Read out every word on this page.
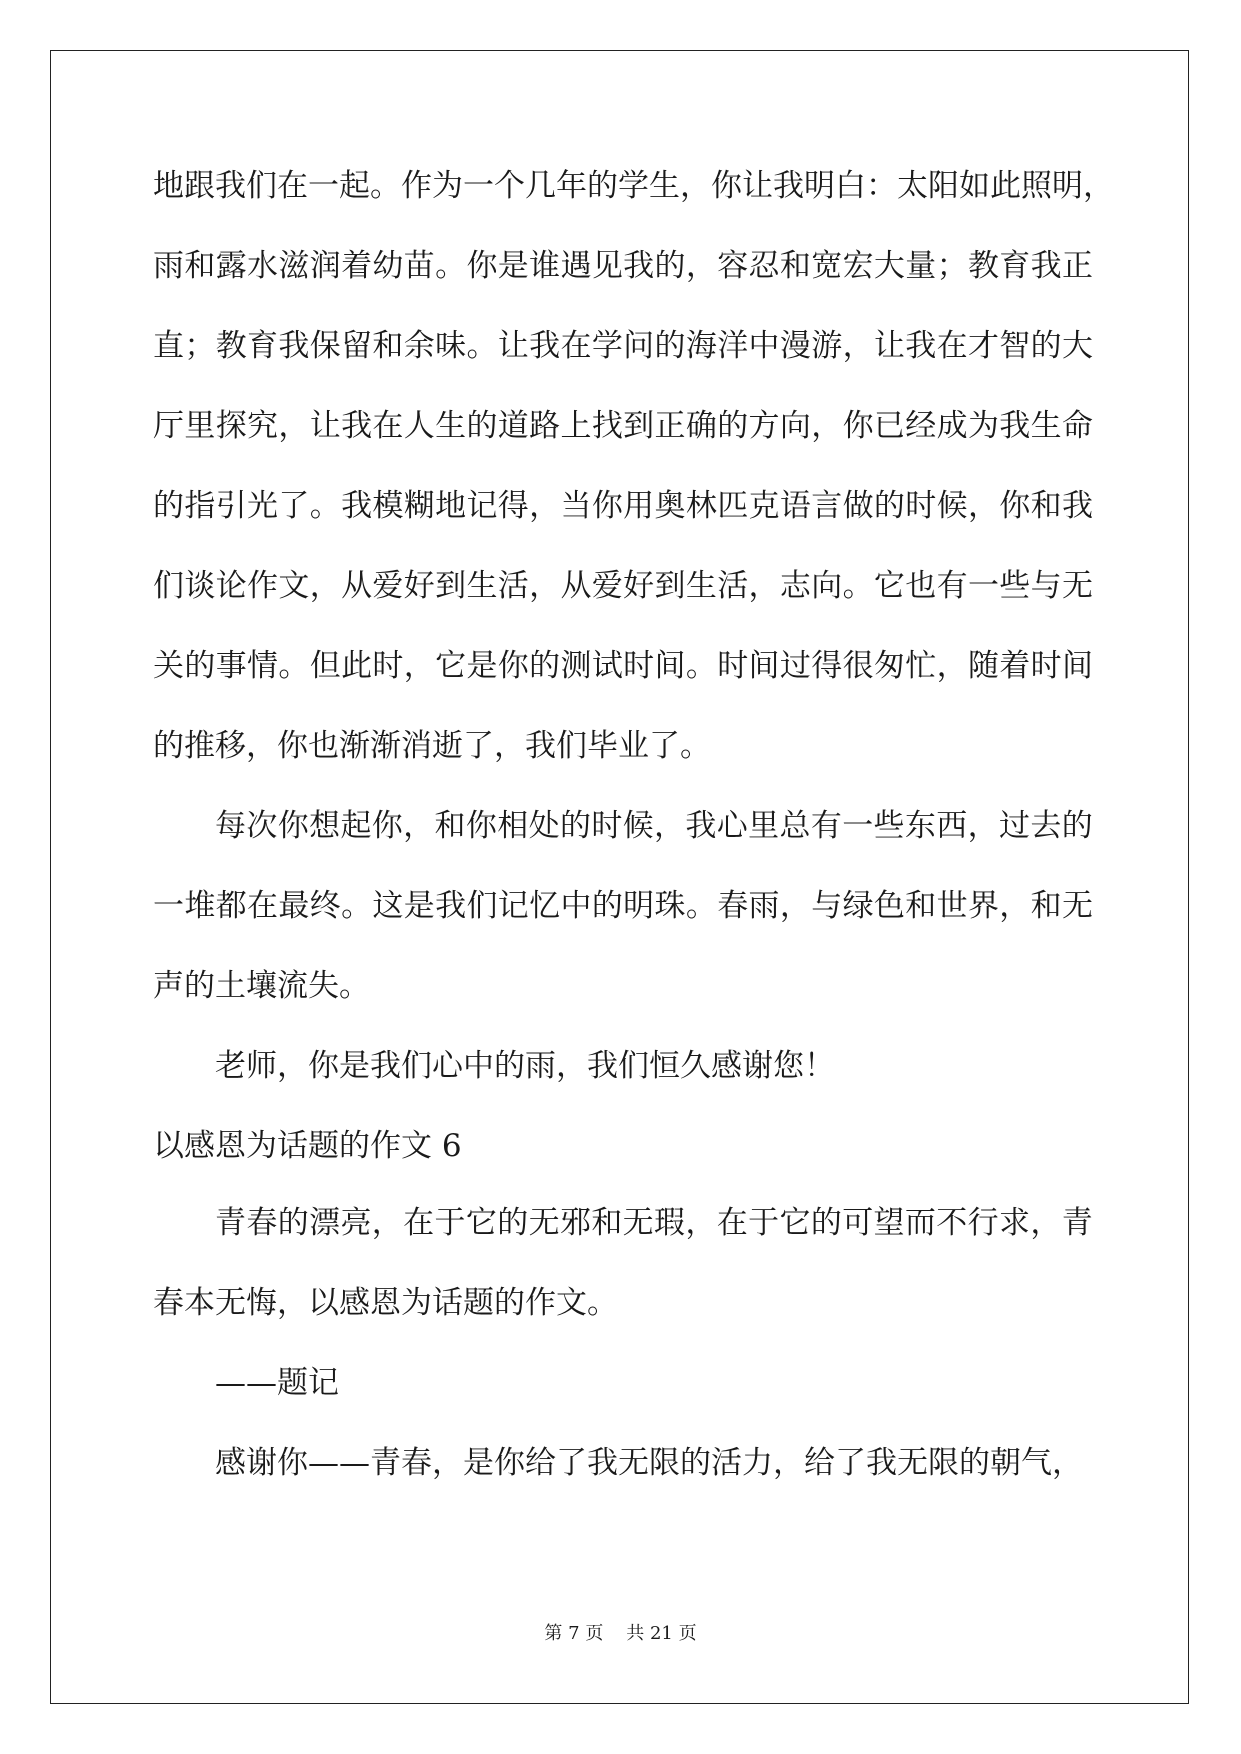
地 跟 我 们 在 一 起 。 作 为 一 个 几 年 的 学 生 ， 你 让 我 明 白 ： 太 阳 如 此 照 明 ，
雨 和 露 水 滋 润 着 幼 苗 。 你 是 谁 遇 见 我 的 ， 容 忍 和 宽 宏 大 量 ； 教 育 我 正
直 ； 教 育 我 保 留 和 余 味 。 让 我 在 学 问 的 海 洋 中 漫 游 ， 让 我 在 才 智 的 大
厅 里 探 究 ， 让 我 在 人 生 的 道 路 上 找 到 正 确 的 方 向 ， 你 已 经 成 为 我 生 命
的 指 引 光 了 。 我 模 糊 地 记 得 ， 当 你 用 奥 林 匹 克 语 言 做 的 时 候 ， 你 和 我
们 谈 论 作 文 ， 从 爱 好 到 生 活 ， 从 爱 好 到 生 活 ， 志 向 。 它 也 有 一 些 与 无
关 的 事 情 。 但 此 时 ， 它 是 你 的 测 试 时 间 。 时 间 过 得 很 匆 忙 ， 随 着 时 间
的推移，你也渐渐消逝了，我们毕业了。
每 次 你 想 起 你 ， 和 你 相 处 的 时 候 ， 我 心 里 总 有 一 些 东 西 ， 过 去 的
一 堆 都 在 最 终 。 这 是 我 们 记 忆 中 的 明 珠 。 春 雨 ， 与 绿 色 和 世 界 ， 和 无
声的土壤流失。
老师，你是我们心中的雨，我们恒久感谢您！
以感恩为话题的作文 6
青 春 的 漂 亮 ， 在 于 它 的 无 邪 和 无 瑕 ， 在 于 它 的 可 望 而 不 行 求 ， 青
春本无悔，以感恩为话题的作文。
——题记
感谢你——青春，是你给了我无限的活力，给了我无限的朝气，
第 7 页 共 21 页
